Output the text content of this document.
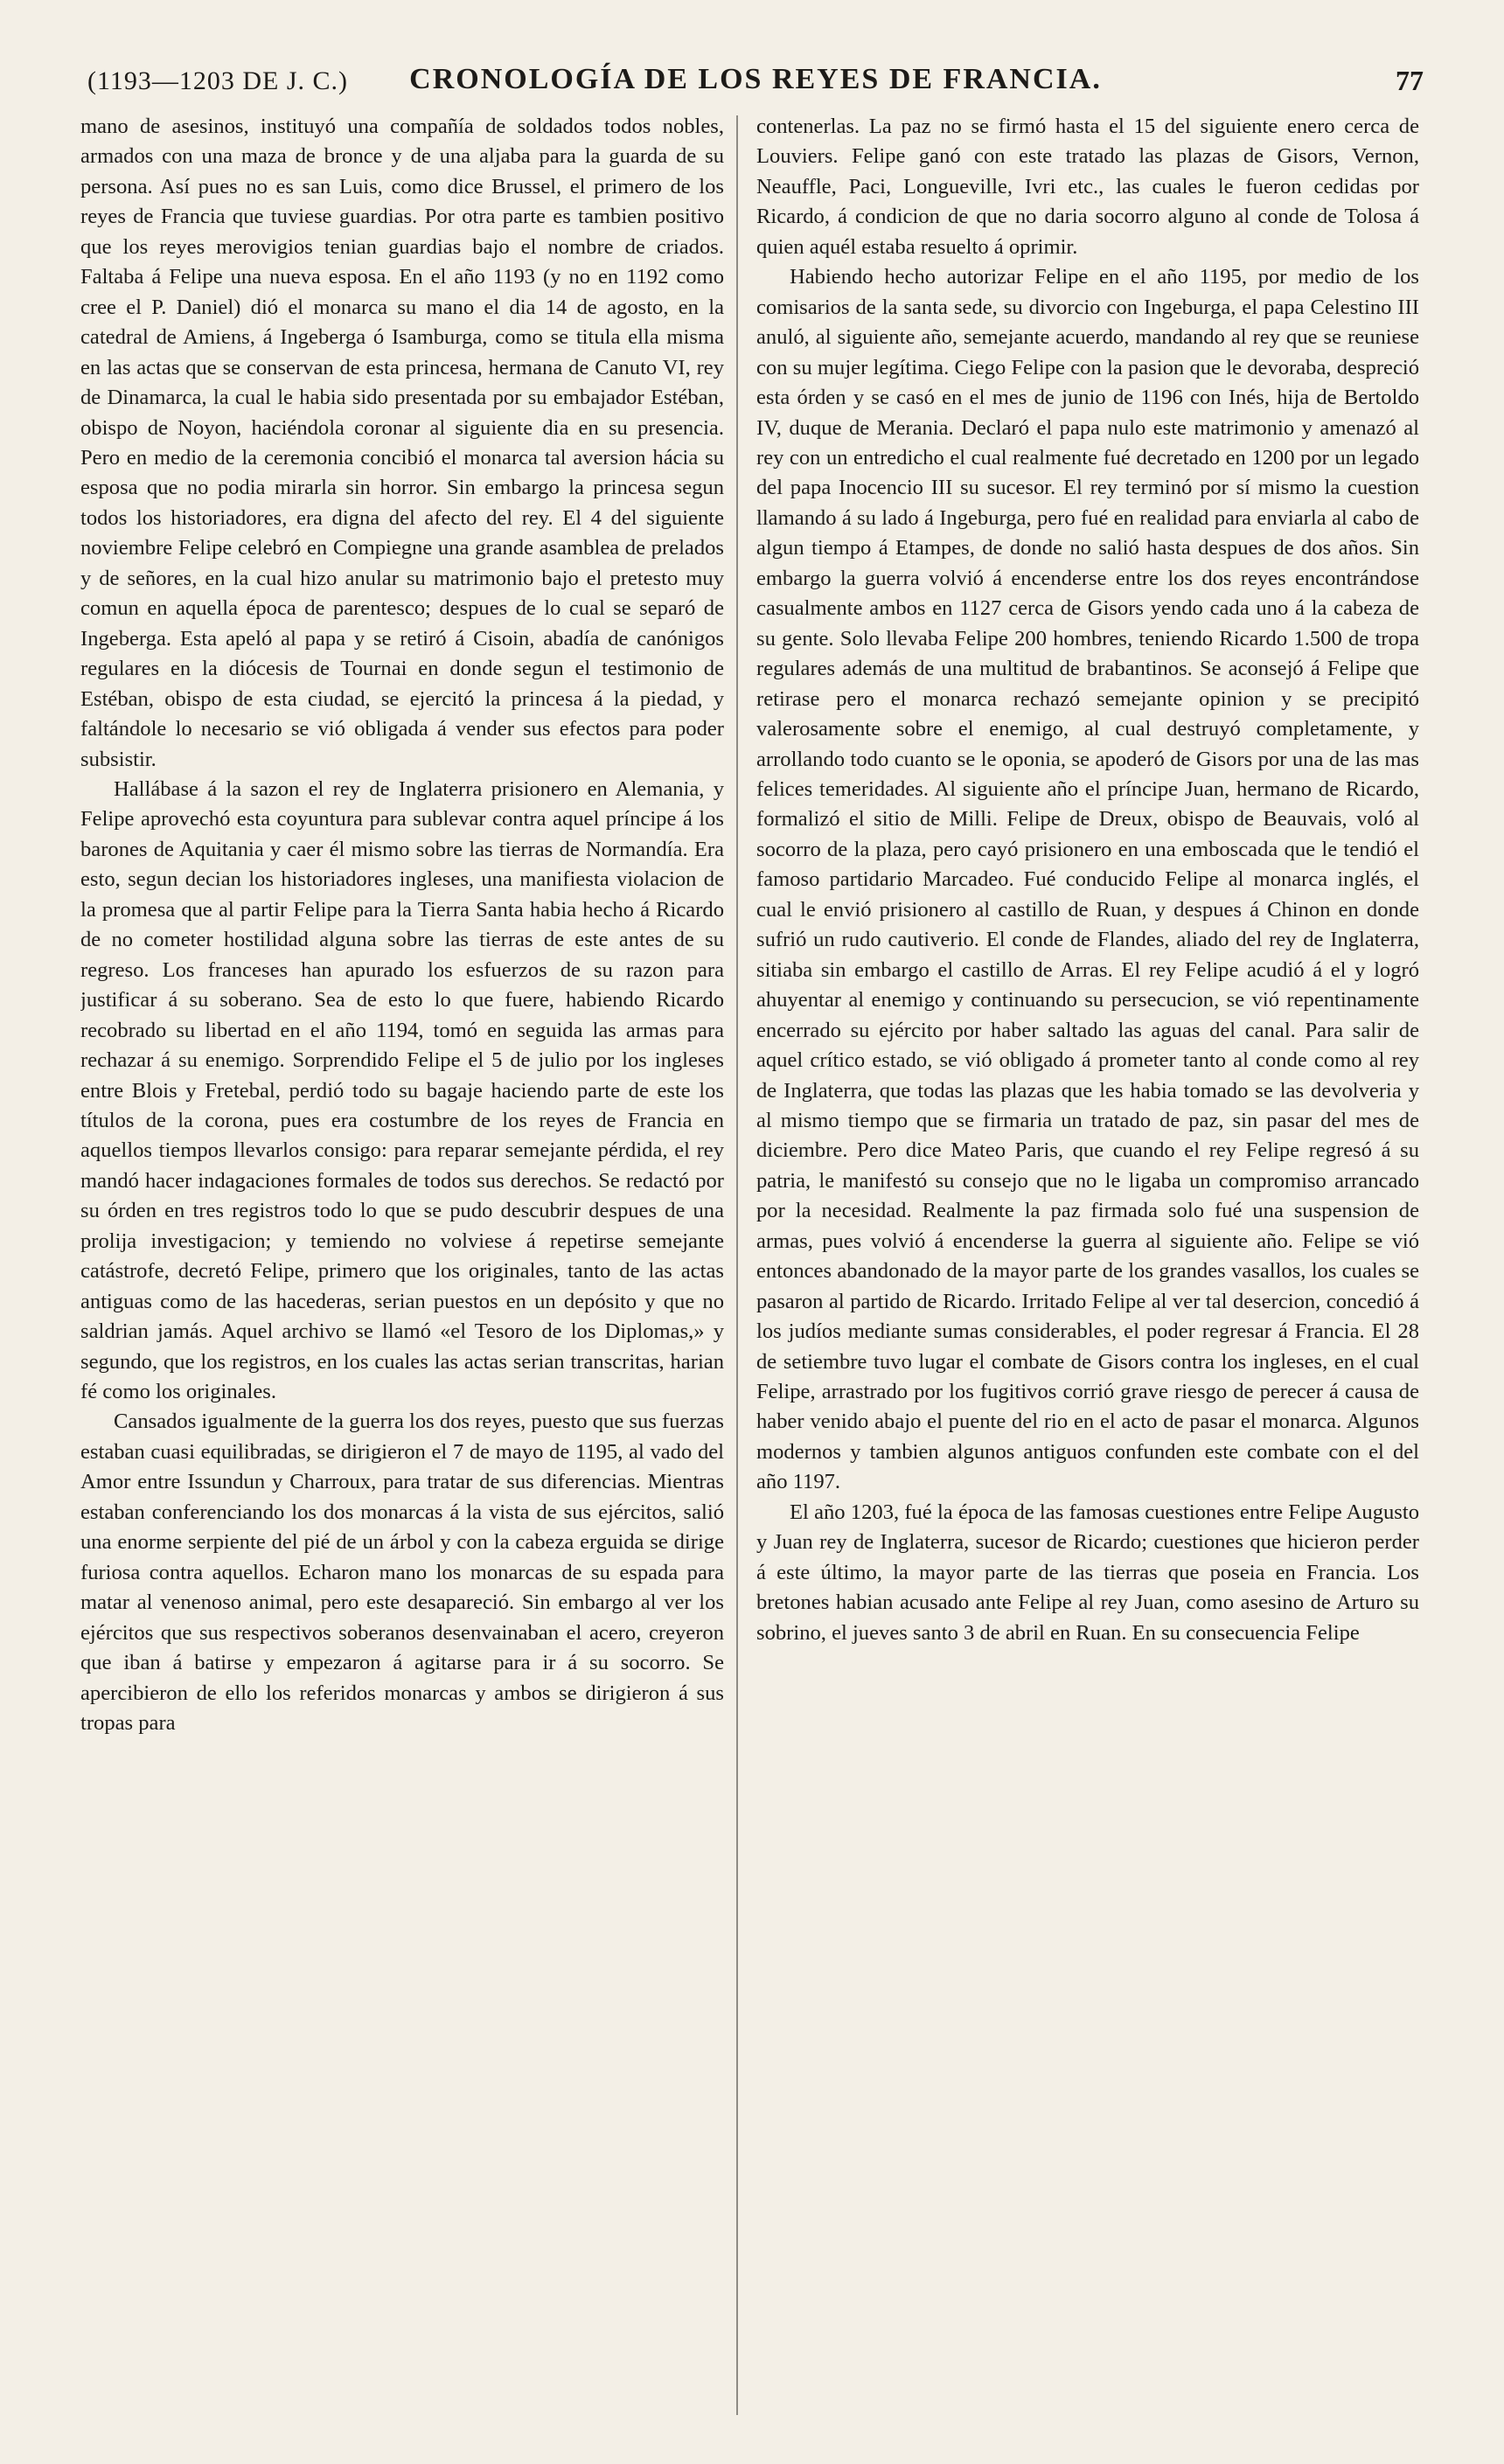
(1193—1203 DE J. C.)	CRONOLOGÍA DE LOS REYES DE FRANCIA.	77

mano de asesinos, instituyó una compañía de soldados todos nobles, armados con una maza de bronce y de una aljaba para la guarda de su persona. Así pues no es san Luis, como dice Brussel, el primero de los reyes de Francia que tuviese guardias. Por otra parte es tambien positivo que los reyes merovigios tenian guardias bajo el nombre de criados. Faltaba á Felipe una nueva esposa. En el año 1193 (y no en 1192 como cree el P. Daniel) dió el monarca su mano el dia 14 de agosto, en la catedral de Amiens, á Ingeberga ó Isamburga, como se titula ella misma en las actas que se conservan de esta princesa, hermana de Canuto VI, rey de Dinamarca, la cual le habia sido presentada por su embajador Estéban, obispo de Noyon, haciéndola coronar al siguiente dia en su presencia. Pero en medio de la ceremonia concibió el monarca tal aversion hácia su esposa que no podia mirarla sin horror. Sin embargo la princesa segun todos los historiadores, era digna del afecto del rey. El 4 del siguiente noviembre Felipe celebró en Compiegne una grande asamblea de prelados y de señores, en la cual hizo anular su matrimonio bajo el pretesto muy comun en aquella época de parentesco; despues de lo cual se separó de Ingeberga. Esta apeló al papa y se retiró á Cisoin, abadía de canónigos regulares en la diócesis de Tournai en donde segun el testimonio de Estéban, obispo de esta ciudad, se ejercitó la princesa á la piedad, y faltándole lo necesario se vió obligada á vender sus efectos para poder subsistir.

Hallábase á la sazon el rey de Inglaterra prisionero en Alemania, y Felipe aprovechó esta coyuntura para sublevar contra aquel príncipe á los barones de Aquitania y caer él mismo sobre las tierras de Normandía. Era esto, segun decian los historiadores ingleses, una manifiesta violacion de la promesa que al partir Felipe para la Tierra Santa habia hecho á Ricardo de no cometer hostilidad alguna sobre las tierras de este antes de su regreso. Los franceses han apurado los esfuerzos de su razon para justificar á su soberano. Sea de esto lo que fuere, habiendo Ricardo recobrado su libertad en el año 1194, tomó en seguida las armas para rechazar á su enemigo. Sorprendido Felipe el 5 de julio por los ingleses entre Blois y Fretebal, perdió todo su bagaje haciendo parte de este los títulos de la corona, pues era costumbre de los reyes de Francia en aquellos tiempos llevarlos consigo: para reparar semejante pérdida, el rey mandó hacer indagaciones formales de todos sus derechos. Se redactó por su órden en tres registros todo lo que se pudo descubrir despues de una prolija investigacion; y temiendo no volviese á repetirse semejante catástrofe, decretó Felipe, primero que los originales, tanto de las actas antiguas como de las hacederas, serian puestos en un depósito y que no saldrian jamás. Aquel archivo se llamó «el Tesoro de los Diplomas,» y segundo, que los registros, en los cuales las actas serian transcritas, harian fé como los originales.

Cansados igualmente de la guerra los dos reyes, puesto que sus fuerzas estaban cuasi equilibradas, se dirigieron el 7 de mayo de 1195, al vado del Amor entre Issundun y Charroux, para tratar de sus diferencias. Mientras estaban conferenciando los dos monarcas á la vista de sus ejércitos, salió una enorme serpiente del pié de un árbol y con la cabeza erguida se dirige furiosa contra aquellos. Echaron mano los monarcas de su espada para matar al venenoso animal, pero este desapareció. Sin embargo al ver los ejércitos que sus respectivos soberanos desenvainaban el acero, creyeron que iban á batirse y empezaron á agitarse para ir á su socorro. Se apercibieron de ello los referidos monarcas y ambos se dirigieron á sus tropas para

contenerlas. La paz no se firmó hasta el 15 del siguiente enero cerca de Louviers. Felipe ganó con este tratado las plazas de Gisors, Vernon, Neauffle, Paci, Longueville, Ivri etc., las cuales le fueron cedidas por Ricardo, á condicion de que no daria socorro alguno al conde de Tolosa á quien aquél estaba resuelto á oprimir.

Habiendo hecho autorizar Felipe en el año 1195, por medio de los comisarios de la santa sede, su divorcio con Ingeburga, el papa Celestino III anuló, al siguiente año, semejante acuerdo, mandando al rey que se reuniese con su mujer legítima. Ciego Felipe con la pasion que le devoraba, despreció esta órden y se casó en el mes de junio de 1196 con Inés, hija de Bertoldo IV, duque de Merania. Declaró el papa nulo este matrimonio y amenazó al rey con un entredicho el cual realmente fué decretado en 1200 por un legado del papa Inocencio III su sucesor. El rey terminó por sí mismo la cuestion llamando á su lado á Ingeburga, pero fué en realidad para enviarla al cabo de algun tiempo á Etampes, de donde no salió hasta despues de dos años. Sin embargo la guerra volvió á encenderse entre los dos reyes encontrándose casualmente ambos en 1127 cerca de Gisors yendo cada uno á la cabeza de su gente. Solo llevaba Felipe 200 hombres, teniendo Ricardo 1.500 de tropa regulares además de una multitud de brabantinos. Se aconsejó á Felipe que retirase pero el monarca rechazó semejante opinion y se precipitó valerosamente sobre el enemigo, al cual destruyó completamente, y arrollando todo cuanto se le oponia, se apoderó de Gisors por una de las mas felices temeridades. Al siguiente año el príncipe Juan, hermano de Ricardo, formalizó el sitio de Milli. Felipe de Dreux, obispo de Beauvais, voló al socorro de la plaza, pero cayó prisionero en una emboscada que le tendió el famoso partidario Marcadeo. Fué conducido Felipe al monarca inglés, el cual le envió prisionero al castillo de Ruan, y despues á Chinon en donde sufrió un rudo cautiverio. El conde de Flandes, aliado del rey de Inglaterra, sitiaba sin embargo el castillo de Arras. El rey Felipe acudió á el y logró ahuyentar al enemigo y continuando su persecucion, se vió repentinamente encerrado su ejército por haber saltado las aguas del canal. Para salir de aquel crítico estado, se vió obligado á prometer tanto al conde como al rey de Inglaterra, que todas las plazas que les habia tomado se las devolveria y al mismo tiempo que se firmaria un tratado de paz, sin pasar del mes de diciembre. Pero dice Mateo Paris, que cuando el rey Felipe regresó á su patria, le manifestó su consejo que no le ligaba un compromiso arrancado por la necesidad. Realmente la paz firmada solo fué una suspension de armas, pues volvió á encenderse la guerra al siguiente año. Felipe se vió entonces abandonado de la mayor parte de los grandes vasallos, los cuales se pasaron al partido de Ricardo. Irritado Felipe al ver tal desercion, concedió á los judíos mediante sumas considerables, el poder regresar á Francia. El 28 de setiembre tuvo lugar el combate de Gisors contra los ingleses, en el cual Felipe, arrastrado por los fugitivos corrió grave riesgo de perecer á causa de haber venido abajo el puente del rio en el acto de pasar el monarca. Algunos modernos y tambien algunos antiguos confunden este combate con el del año 1197.

El año 1203, fué la época de las famosas cuestiones entre Felipe Augusto y Juan rey de Inglaterra, sucesor de Ricardo; cuestiones que hicieron perder á este último, la mayor parte de las tierras que poseia en Francia. Los bretones habian acusado ante Felipe al rey Juan, como asesino de Arturo su sobrino, el jueves santo 3 de abril en Ruan. En su consecuencia Felipe
